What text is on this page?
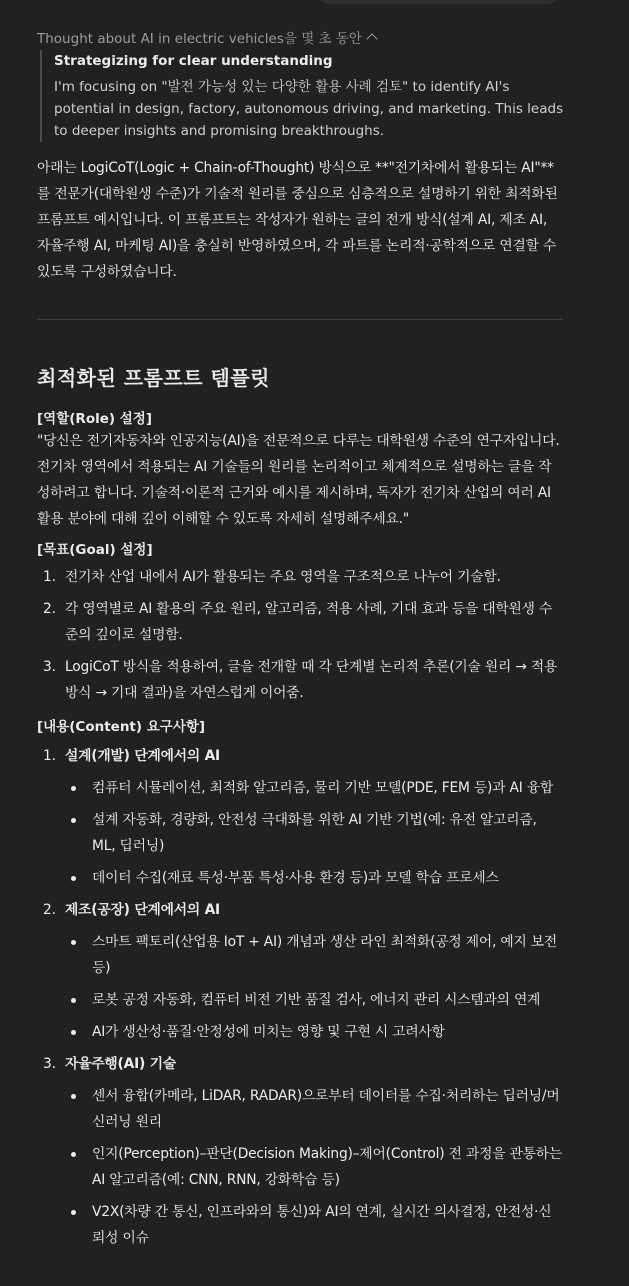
Thought about AI in electric vehicles을 몇 초 동안

Strategizing for clear understanding

I'm focusing on "발전 가능성 있는 다양한 활용 사례 검토" to identify AI's potential in design, factory, autonomous driving, and marketing. This leads to deeper insights and promising breakthroughs.

아래는 LogiCoT(Logic + Chain-of-Thought) 방식으로 **"전기차에서 활용되는 AI"** 를 전문가(대학원생 수준)가 기술적 원리를 중심으로 심층적으로 설명하기 위한 최적화된 프롬프트 예시입니다. 이 프롬프트는 작성자가 원하는 글의 전개 방식(설계 AI, 제조 AI, 자율주행 AI, 마케팅 AI)을 충실히 반영하였으며, 각 파트를 논리적·공학적으로 연결할 수 있도록 구성하였습니다.

최적화된 프롬프트 템플릿

[역할(Role) 설정]

"당신은 전기자동차와 인공지능(AI)을 전문적으로 다루는 대학원생 수준의 연구자입니다. 전기차 영역에서 적용되는 AI 기술들의 원리를 논리적이고 체계적으로 설명하는 글을 작성하려고 합니다. 기술적·이론적 근거와 예시를 제시하며, 독자가 전기차 산업의 여러 AI 활용 분야에 대해 깊이 이해할 수 있도록 자세히 설명해주세요."

[목표(Goal) 설정]

1. 전기차 산업 내에서 AI가 활용되는 주요 영역을 구조적으로 나누어 기술함.
2. 각 영역별로 AI 활용의 주요 원리, 알고리즘, 적용 사례, 기대 효과 등을 대학원생 수준의 깊이로 설명함.
3. LogiCoT 방식을 적용하여, 글을 전개할 때 각 단계별 논리적 추론(기술 원리 → 적용 방식 → 기대 결과)을 자연스럽게 이어줌.

[내용(Content) 요구사항]

1. 설계(개발) 단계에서의 AI
컴퓨터 시뮬레이션, 최적화 알고리즘, 물리 기반 모델(PDE, FEM 등)과 AI 융합
설계 자동화, 경량화, 안전성 극대화를 위한 AI 기반 기법(예: 유전 알고리즘, ML, 딥러닝)
데이터 수집(재료 특성·부품 특성·사용 환경 등)과 모델 학습 프로세스
2. 제조(공장) 단계에서의 AI
스마트 팩토리(산업용 IoT + AI) 개념과 생산 라인 최적화(공정 제어, 예지 보전 등)
로봇 공정 자동화, 컴퓨터 비전 기반 품질 검사, 에너지 관리 시스템과의 연계
AI가 생산성·품질·안정성에 미치는 영향 및 구현 시 고려사항
3. 자율주행(AI) 기술
센서 융합(카메라, LiDAR, RADAR)으로부터 데이터를 수집·처리하는 딥러닝/머신러닝 원리
인지(Perception)–판단(Decision Making)–제어(Control) 전 과정을 관통하는 AI 알고리즘(예: CNN, RNN, 강화학습 등)
V2X(차량 간 통신, 인프라와의 통신)와 AI의 연계, 실시간 의사결정, 안전성·신뢰성 이슈
